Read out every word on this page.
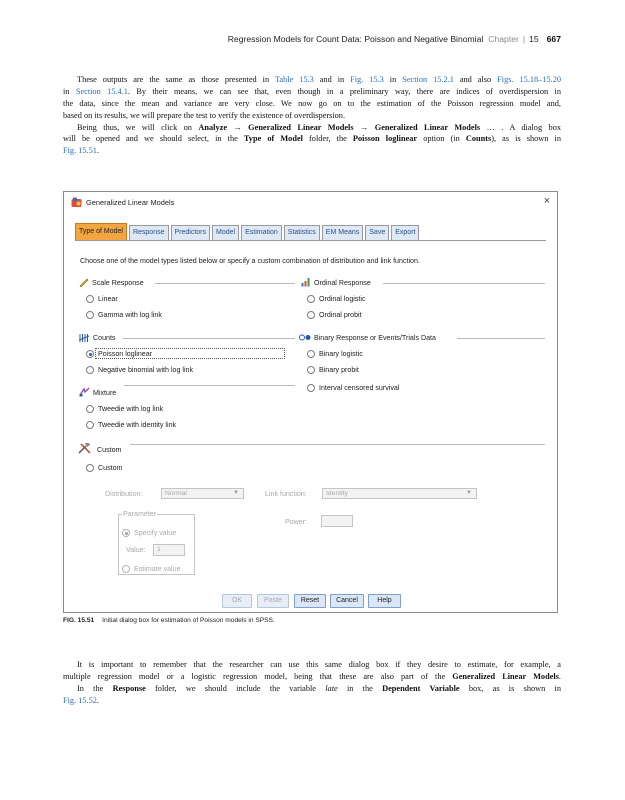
Regression Models for Count Data: Poisson and Negative Binomial Chapter | 15 667
These outputs are the same as those presented in Table 15.3 and in Fig. 15.3 in Section 15.2.1 and also Figs. 15.18–15.20
in Section 15.4.1. By their means, we can see that, even though in a preliminary way, there are indices of overdispersion in
the data, since the mean and variance are very close. We now go on to the estimation of the Poisson regression model and,
based on its results, we will prepare the test to verify the existence of overdispersion.
Being thus, we will click on Analyze → Generalized Linear Models → Generalized Linear Models … . A dialog box
will be opened and we should select, in the Type of Model folder, the Poisson loglinear option (in Counts), as is shown in
Fig. 15.51.
Generalized Linear Models	×
Type of Model	Response	Predictors	Model	Estimation	Statistics	EM Means	Save	Export
Choose one of the model types listed below or specify a custom combination of distribution and link function.
Scale Response
Linear
Gamma with log link
Ordinal Response
Ordinal logistic
Ordinal probit
Counts
Poisson loglinear
Negative binomial with log link
Binary Response or Events/Trials Data
Binary logistic
Binary probit
Interval censored survival
Mixture
Tweedie with log link
Tweedie with identity link
Custom
Custom
Distribution:	Normal	▼	Link function:	Identity	▼
Parameter
Specify value
Value:	1
Estimate value
Power:
OK	Paste	Reset	Cancel	Help
FIG. 15.51 Initial dialog box for estimation of Poisson models in SPSS.
It is important to remember that the researcher can use this same dialog box if they desire to estimate, for example, a
multiple regression model or a logistic regression model, being that these are also part of the Generalized Linear Models.
In the Response folder, we should include the variable late in the Dependent Variable box, as is shown in
Fig. 15.52.
